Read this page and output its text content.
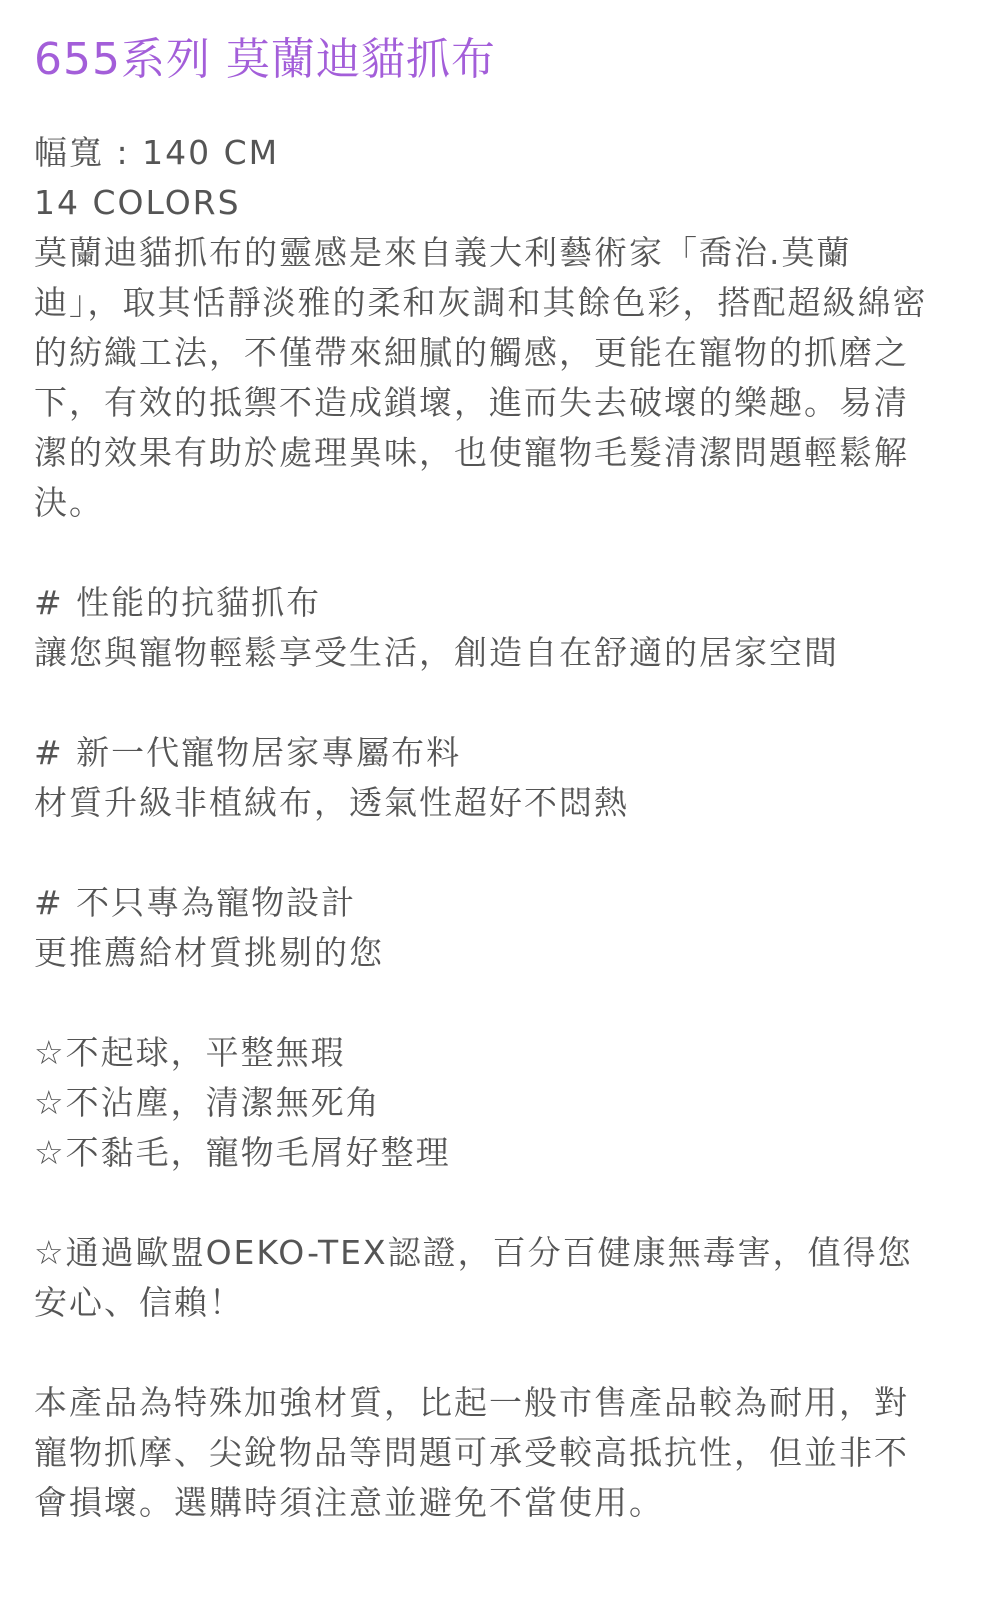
655系列 莫蘭迪貓抓布

幅寬 : 140 CM

14 COLORS

莫蘭迪貓抓布的靈感是來自義大利藝術家「喬治.莫蘭迪」，取其恬靜淡雅的柔和灰調和其餘色彩，搭配超級綿密的紡織工法，不僅帶來細膩的觸感，更能在寵物的抓磨之下，有效的抵禦不造成鎖壞，進而失去破壞的樂趣。易清潔的效果有助於處理異味，也使寵物毛髮清潔問題輕鬆解決。

# 性能的抗貓抓布

讓您與寵物輕鬆享受生活，創造自在舒適的居家空間

# 新一代寵物居家專屬布料

材質升級非植絨布，透氣性超好不悶熱

# 不只專為寵物設計

更推薦給材質挑剔的您

☆不起球，平整無瑕

☆不沾塵，清潔無死角

☆不黏毛，寵物毛屑好整理

☆通過歐盟OEKO-TEX認證，百分百健康無毒害，值得您安心、信賴！

本產品為特殊加強材質，比起一般市售產品較為耐用，對寵物抓摩、尖銳物品等問題可承受較高抵抗性，但並非不會損壞。選購時須注意並避免不當使用。
